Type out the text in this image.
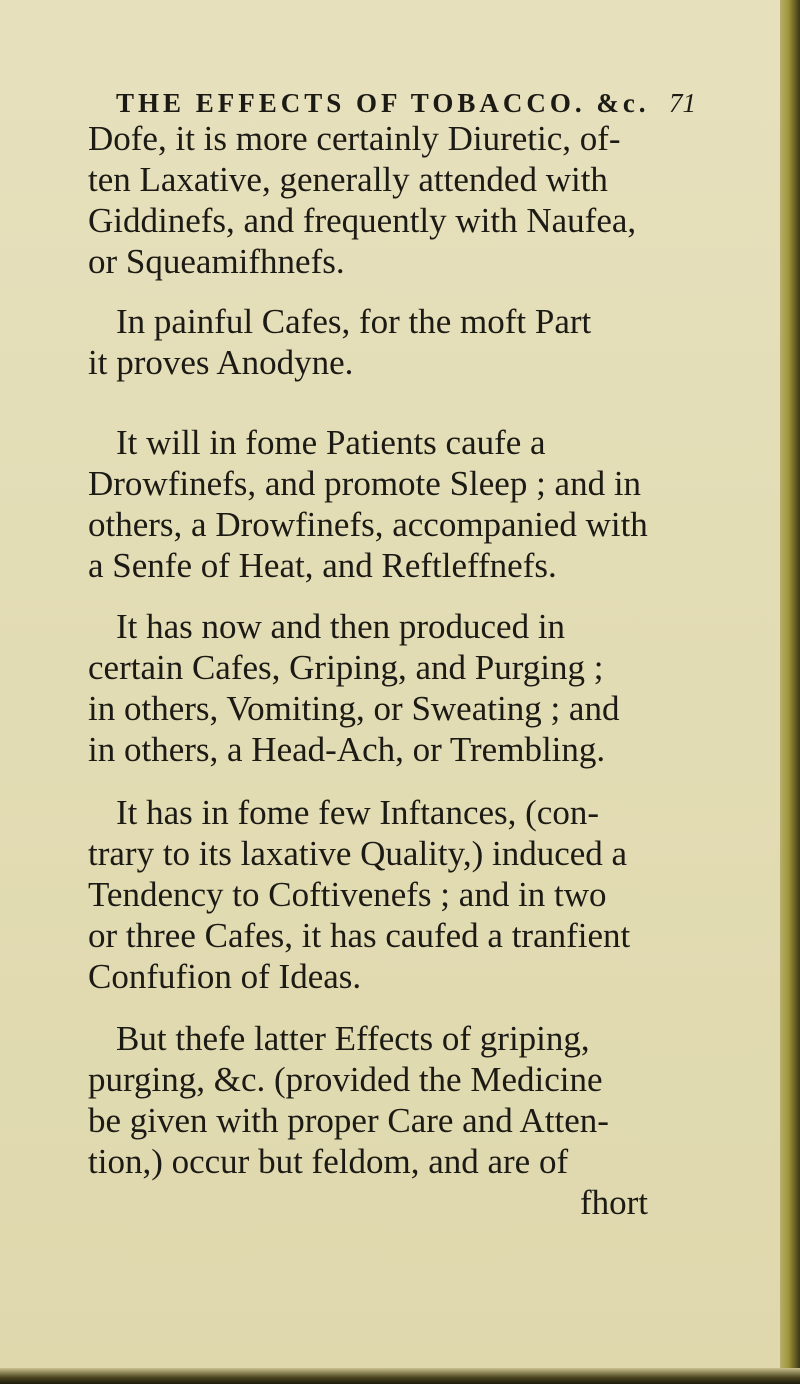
THE EFFECTS OF TOBACCO. &c. 71
Dofe, it is more certainly Diuretic, of-
ten Laxative, generally attended with
Giddinefs, and frequently with Naufea,
or Squeamifhnefs.
In painful Cafes, for the moft Part
it proves Anodyne.
It will in fome Patients caufe a
Drowfinefs, and promote Sleep ; and in
others, a Drowfinefs, accompanied with
a Senfe of Heat, and Reftleffnefs.
It has now and then produced in
certain Cafes, Griping, and Purging ;
in others, Vomiting, or Sweating ; and
in others, a Head-Ach, or Trembling.
It has in fome few Inftances, (con-
trary to its laxative Quality,) induced a
Tendency to Coftivenefs ; and in two
or three Cafes, it has caufed a tranfient
Confufion of Ideas.
But thefe latter Effects of griping,
purging, &c. (provided the Medicine
be given with proper Care and Atten-
tion,) occur but feldom, and are of
fhort
